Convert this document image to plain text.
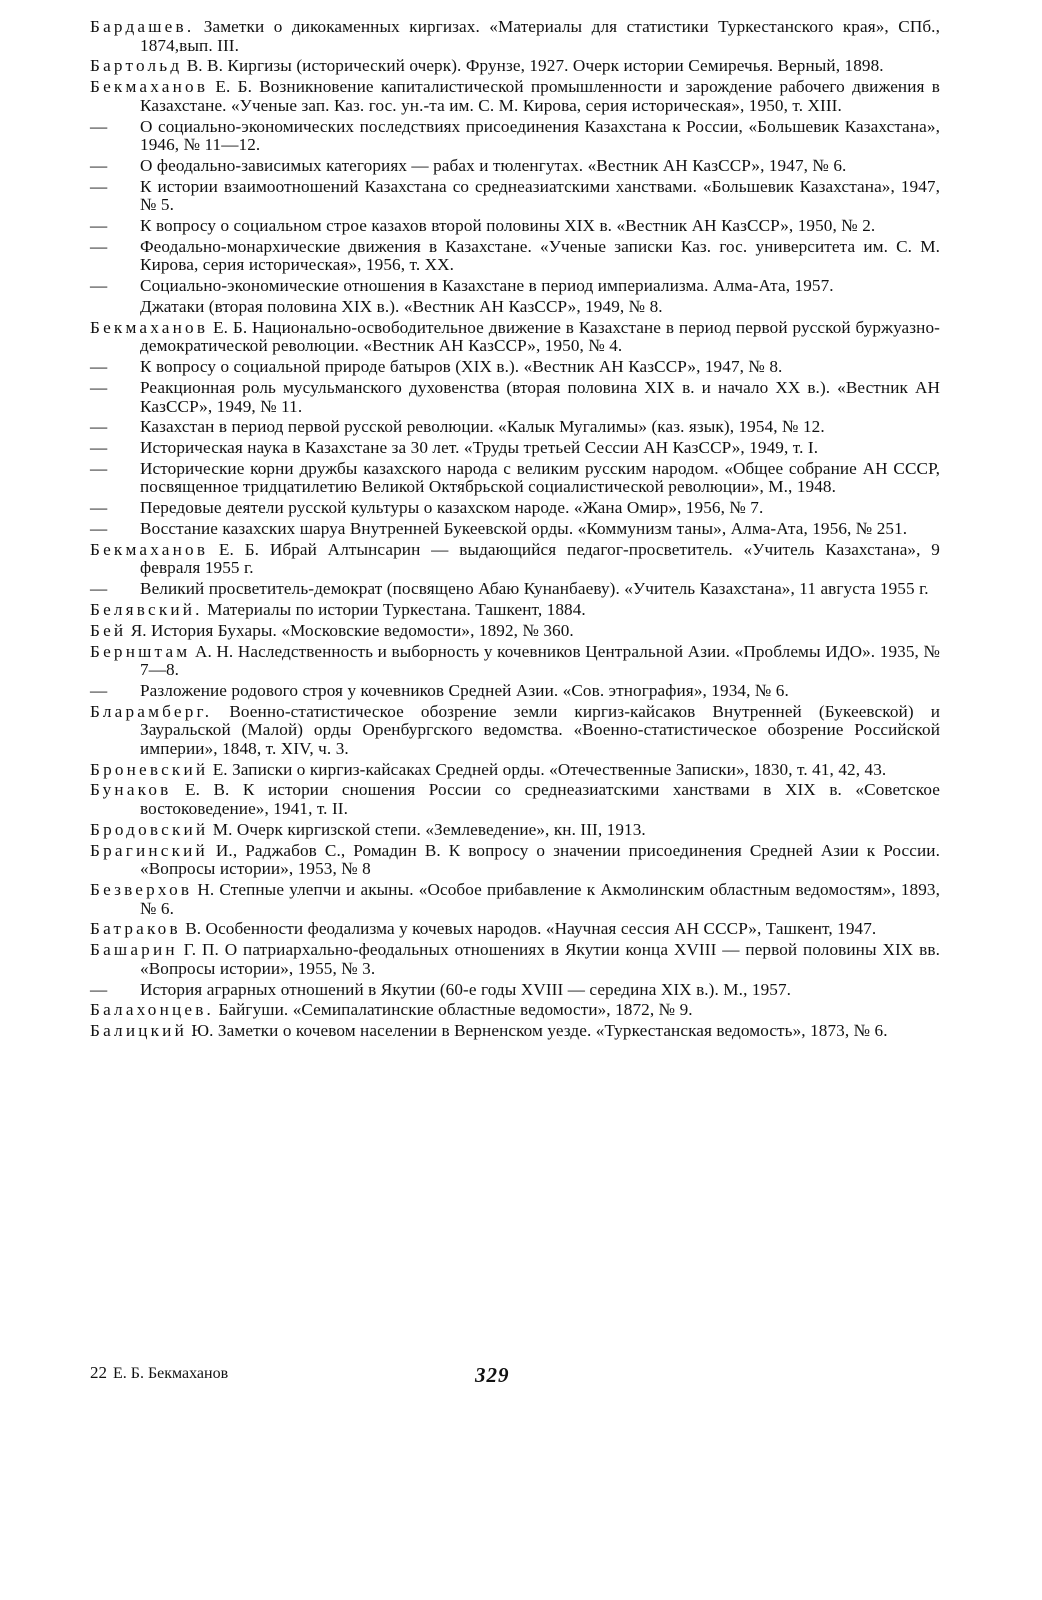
Бардашев. Заметки о дикокаменных киргизах. «Материалы для статистики Туркестанского края», СПб., 1874,вып. III.

Бартольд В. В. Киргизы (исторический очерк). Фрунзе, 1927. Очерк истории Семиречья. Верный, 1898.

Бекмаханов Е. Б. Возникновение капиталистической промышленности и зарождение рабочего движения в Казахстане. «Ученые зап. Каз. гос. ун.-та им. С. М. Кирова, серия историческая», 1950, т. XIII.

— О социально-экономических последствиях присоединения Казахстана к России, «Большевик Казахстана», 1946, № 11—12.

— О феодально-зависимых категориях — рабах и тюленгутах. «Вестник АН КазССР», 1947, № 6.

— К истории взаимоотношений Казахстана со среднеазиатскими ханствами. «Большевик Казахстана», 1947, № 5.

— К вопросу о социальном строе казахов второй половины XIX в. «Вестник АН КазССР», 1950, № 2.

— Феодально-монархические движения в Казахстане. «Ученые записки Каз. гос. университета им. С. М. Кирова, серия историческая», 1956, т. XX.

— Социально-экономические отношения в Казахстане в период империализма. Алма-Ата, 1957.

Джатаки (вторая половина XIX в.). «Вестник АН КазССР», 1949, № 8.

Бекмаханов Е. Б. Национально-освободительное движение в Казахстане в период первой русской буржуазно-демократической революции. «Вестник АН КазССР», 1950, № 4.

— К вопросу о социальной природе батыров (XIX в.). «Вестник АН КазССР», 1947, № 8.

— Реакционная роль мусульманского духовенства (вторая половина XIX в. и начало XX в.). «Вестник АН КазССР», 1949, № 11.

— Казахстан в период первой русской революции. «Калык Мугалимы» (каз. язык), 1954, № 12.

— Историческая наука в Казахстане за 30 лет. «Труды третьей Сессии АН КазССР», 1949, т. I.

— Исторические корни дружбы казахского народа с великим русским народом. «Общее собрание АН СССР, посвященное тридцатилетию Великой Октябрьской социалистической революции», М., 1948.

— Передовые деятели русской культуры о казахском народе. «Жана Омир», 1956, № 7.

— Восстание казахских шаруа Внутренней Букеевской орды. «Коммунизм таны», Алма-Ата, 1956, № 251.

Бекмаханов Е. Б. Ибрай Алтынсарин — выдающийся педагог-просветитель. «Учитель Казахстана», 9 февраля 1955 г.

— Великий просветитель-демократ (посвящено Абаю Кунанбаеву). «Учитель Казахстана», 11 августа 1955 г.

Белявский. Материалы по истории Туркестана. Ташкент, 1884.

Бей Я. История Бухары. «Московские ведомости», 1892, № 360.

Бернштам А. Н. Наследственность и выборность у кочевников Центральной Азии. «Проблемы ИДО». 1935, № 7—8.

— Разложение родового строя у кочевников Средней Азии. «Сов. этнография», 1934, № 6.

Бларамберг. Военно-статистическое обозрение земли киргиз-кайсаков Внутренней (Букеевской) и Зауральской (Малой) орды Оренбургского ведомства. «Военно-статистическое обозрение Российской империи», 1848, т. XIV, ч. 3.

Броневский Е. Записки о киргиз-кайсаках Средней орды. «Отечественные Записки», 1830, т. 41, 42, 43.

Бунаков Е. В. К истории сношения России со среднеазиатскими ханствами в XIX в. «Советское востоковедение», 1941, т. II.

Бродовский М. Очерк киргизской степи. «Землеведение», кн. III, 1913.

Брагинский И., Раджабов С., Ромадин В. К вопросу о значении присоединения Средней Азии к России. «Вопросы истории», 1953, № 8

Безверхов Н. Степные улепчи и акыны. «Особое прибавление к Акмолинским областным ведомостям», 1893, № 6.

Батраков В. Особенности феодализма у кочевых народов. «Научная сессия АН СССР», Ташкент, 1947.

Башарин Г. П. О патриархально-феодальных отношениях в Якутии конца XVIII — первой половины XIX вв. «Вопросы истории», 1955, № 3.

— История аграрных отношений в Якутии (60-е годы XVIII — середина XIX в.). М., 1957.

Балахонцев. Байгуши. «Семипалатинские областные ведомости», 1872, № 9.

Балицкий Ю. Заметки о кочевом населении в Верненском уезде. «Туркестанская ведомость», 1873, № 6.

22 Е. Б. Бекмаханов	329
